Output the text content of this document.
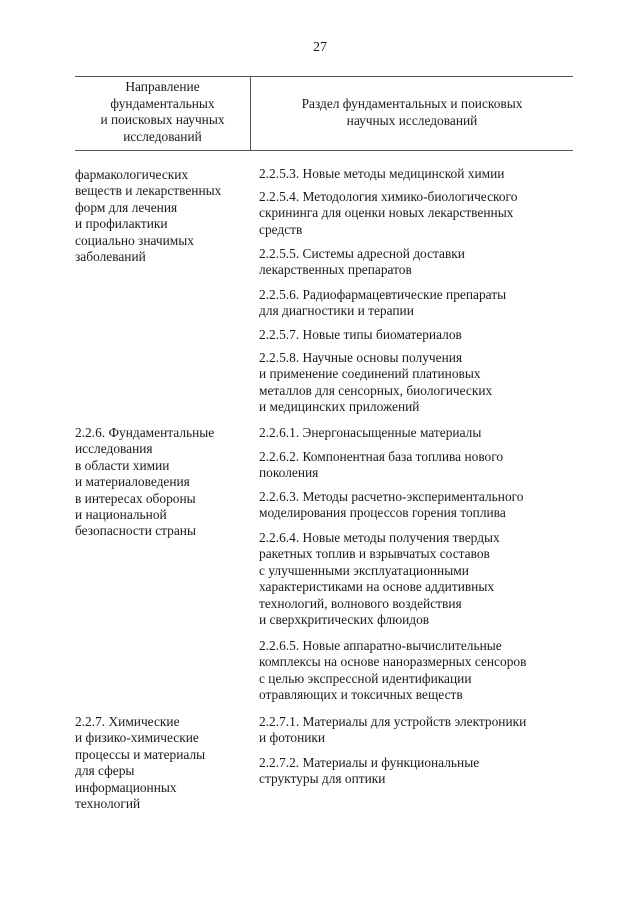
27
Направление
фундаментальных
и поисковых научных
исследований
Раздел фундаментальных и поисковых
научных исследований
фармакологических
веществ и лекарственных
форм для лечения
и профилактики
социально значимых
заболеваний
2.2.5.3. Новые методы медицинской химии
2.2.5.4. Методология химико-биологического
скрининга для оценки новых лекарственных
средств
2.2.5.5. Системы адресной доставки
лекарственных препаратов
2.2.5.6. Радиофармацевтические препараты
для диагностики и терапии
2.2.5.7. Новые типы биоматериалов
2.2.5.8. Научные основы получения
и применение соединений платиновых
металлов для сенсорных, биологических
и медицинских приложений
2.2.6. Фундаментальные
исследования
в области химии
и материаловедения
в интересах обороны
и национальной
безопасности страны
2.2.6.1. Энергонасыщенные материалы
2.2.6.2. Компонентная база топлива нового
поколения
2.2.6.3. Методы расчетно-экспериментального
моделирования процессов горения топлива
2.2.6.4. Новые методы получения твердых
ракетных топлив и взрывчатых составов
с улучшенными эксплуатационными
характеристиками на основе аддитивных
технологий, волнового воздействия
и сверхкритических флюидов
2.2.6.5. Новые аппаратно-вычислительные
комплексы на основе наноразмерных сенсоров
с целью экспрессной идентификации
отравляющих и токсичных веществ
2.2.7. Химические
и физико-химические
процессы и материалы
для сферы
информационных
технологий
2.2.7.1. Материалы для устройств электроники
и фотоники
2.2.7.2. Материалы и функциональные
структуры для оптики
